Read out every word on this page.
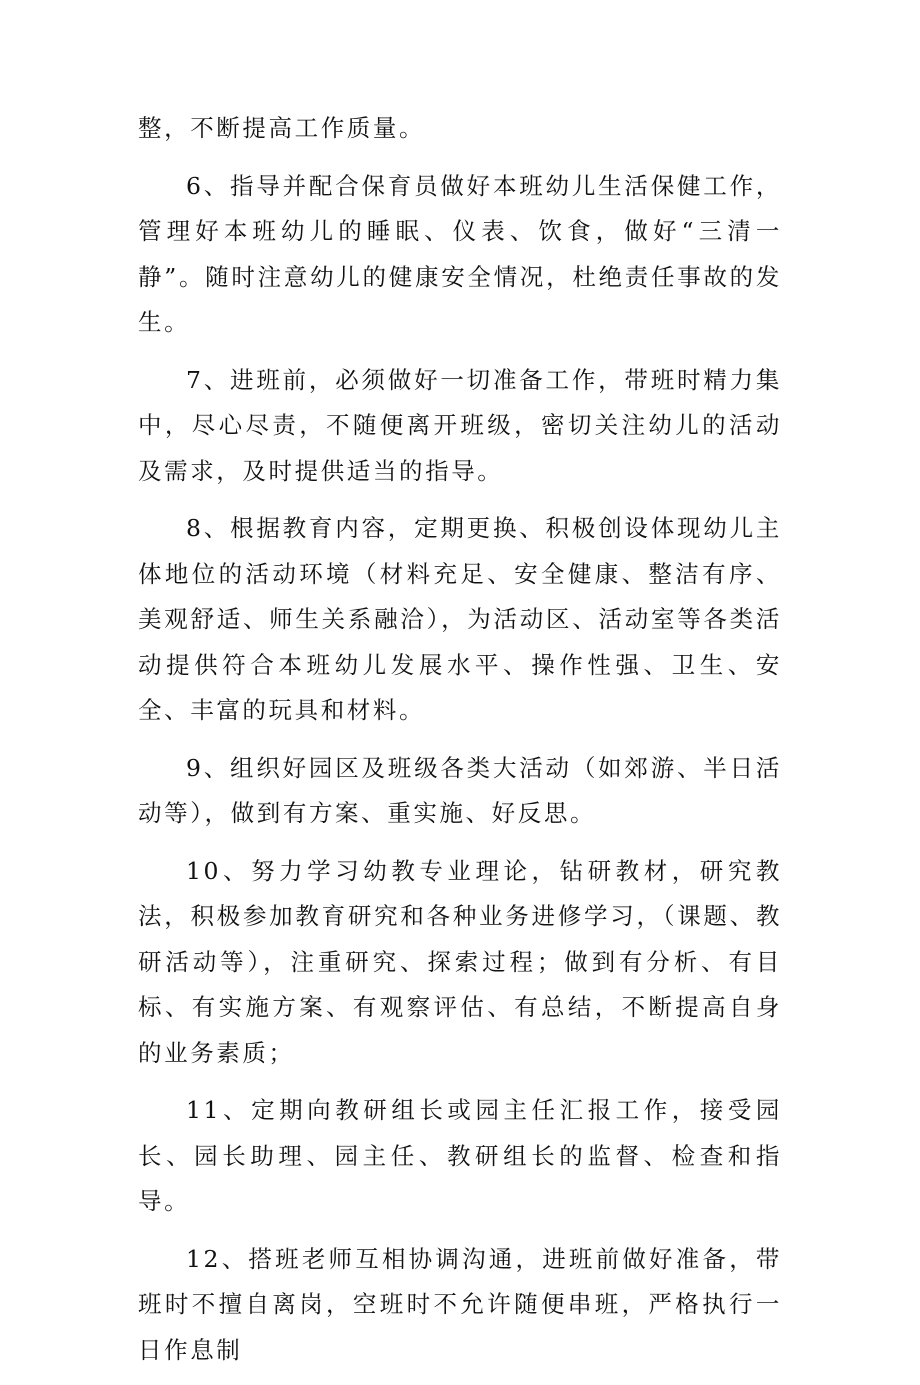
整，不断提高工作质量。

6、指导并配合保育员做好本班幼儿生活保健工作，管理好本班幼儿的睡眠、仪表、饮食，做好“三清一静”。随时注意幼儿的健康安全情况，杜绝责任事故的发生。

7、进班前，必须做好一切准备工作，带班时精力集中，尽心尽责，不随便离开班级，密切关注幼儿的活动及需求，及时提供适当的指导。

8、根据教育内容，定期更换、积极创设体现幼儿主体地位的活动环境（材料充足、安全健康、整洁有序、美观舒适、师生关系融洽），为活动区、活动室等各类活动提供符合本班幼儿发展水平、操作性强、卫生、安全、丰富的玩具和材料。

9、组织好园区及班级各类大活动（如郊游、半日活动等），做到有方案、重实施、好反思。

10、努力学习幼教专业理论，钻研教材，研究教法，积极参加教育研究和各种业务进修学习，（课题、教研活动等），注重研究、探索过程；做到有分析、有目标、有实施方案、有观察评估、有总结，不断提高自身的业务素质；

11、定期向教研组长或园主任汇报工作，接受园长、园长助理、园主任、教研组长的监督、检查和指导。

12、搭班老师互相协调沟通，进班前做好准备，带班时不擅自离岗，空班时不允许随便串班，严格执行一日作息制
